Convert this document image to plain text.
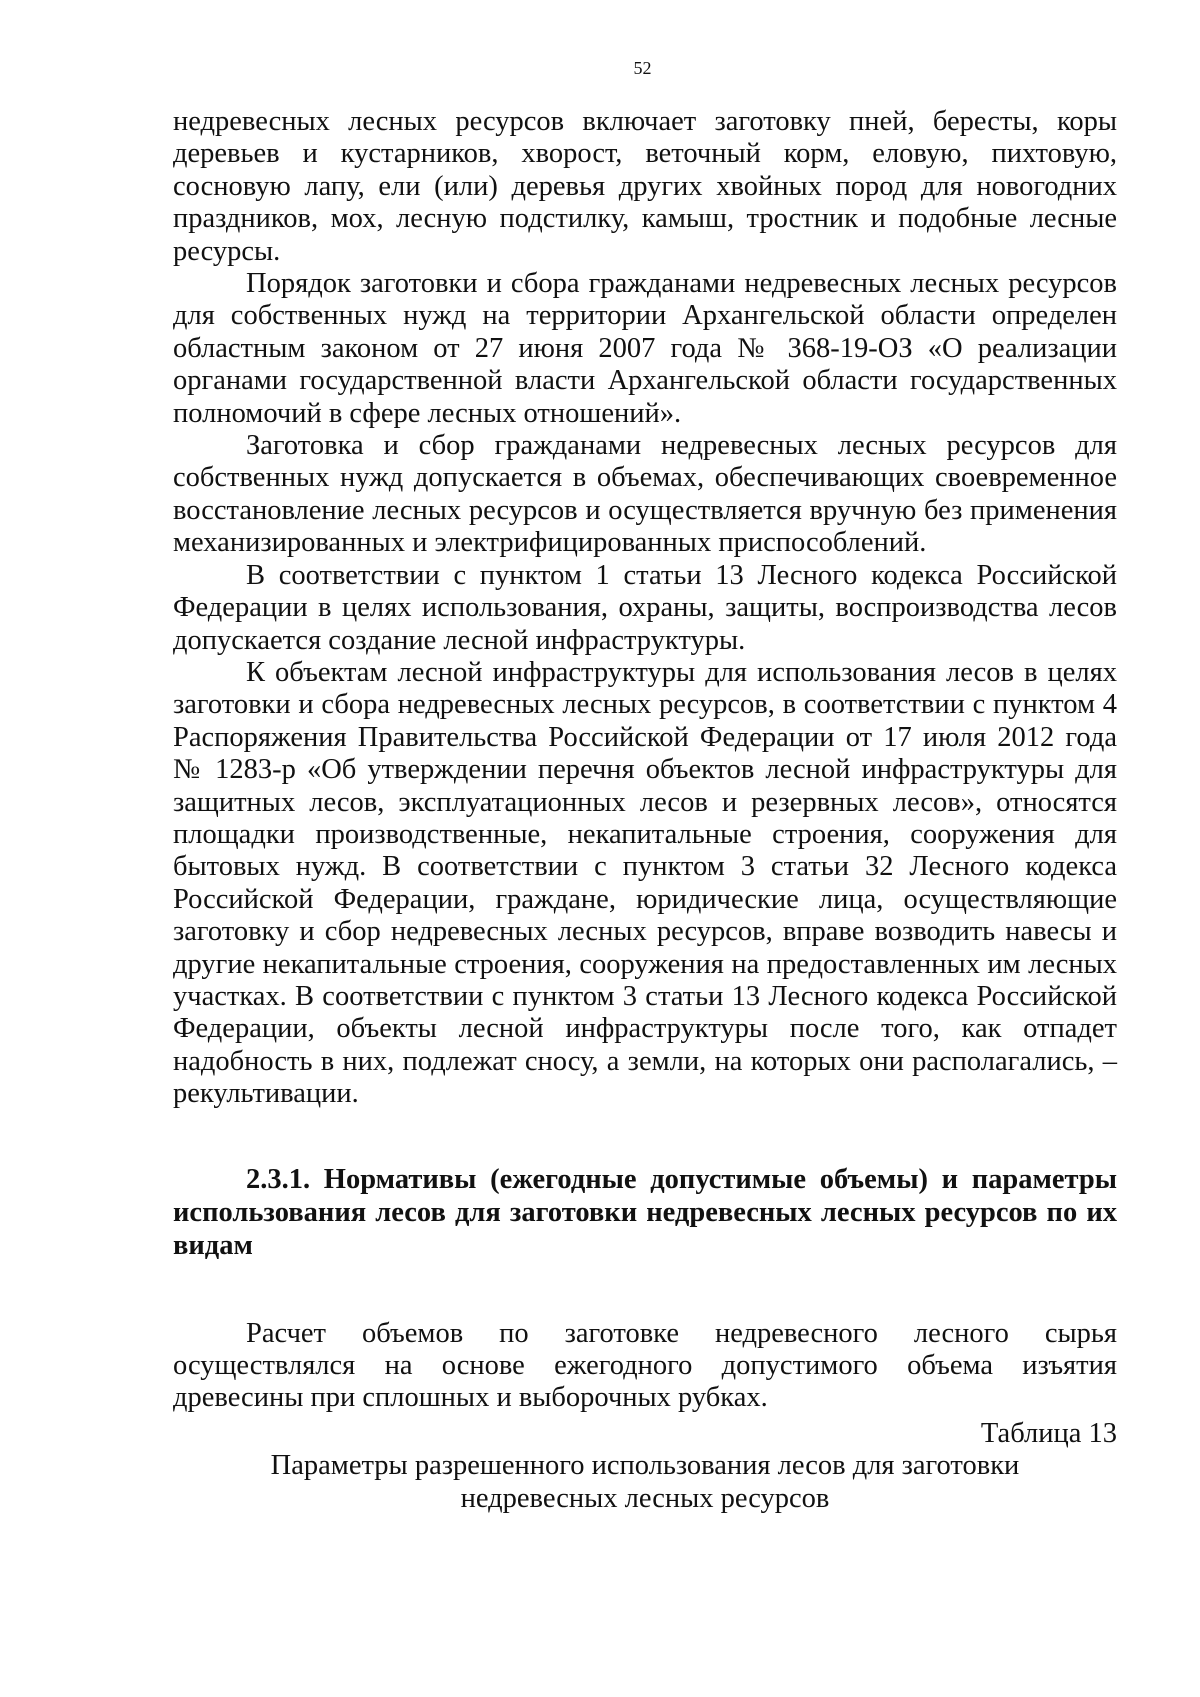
52

недревесных лесных ресурсов включает заготовку пней, бересты, коры деревьев и кустарников, хворост, веточный корм, еловую, пихтовую, сосновую лапу, ели (или) деревья других хвойных пород для новогодних праздников, мох, лесную подстилку, камыш, тростник и подобные лесные ресурсы.

Порядок заготовки и сбора гражданами недревесных лесных ресурсов для собственных нужд на территории Архангельской области определен областным законом от 27 июня 2007 года № 368-19-ОЗ «О реализации органами государственной власти Архангельской области государственных полномочий в сфере лесных отношений».

Заготовка и сбор гражданами недревесных лесных ресурсов для собственных нужд допускается в объемах, обеспечивающих своевременное восстановление лесных ресурсов и осуществляется вручную без применения механизированных и электрифицированных приспособлений.

В соответствии с пунктом 1 статьи 13 Лесного кодекса Российской Федерации в целях использования, охраны, защиты, воспроизводства лесов допускается создание лесной инфраструктуры.

К объектам лесной инфраструктуры для использования лесов в целях заготовки и сбора недревесных лесных ресурсов, в соответствии с пунктом 4 Распоряжения Правительства Российской Федерации от 17 июля 2012 года № 1283-р «Об утверждении перечня объектов лесной инфраструктуры для защитных лесов, эксплуатационных лесов и резервных лесов», относятся площадки производственные, некапитальные строения, сооружения для бытовых нужд. В соответствии с пунктом 3 статьи 32 Лесного кодекса Российской Федерации, граждане, юридические лица, осуществляющие заготовку и сбор недревесных лесных ресурсов, вправе возводить навесы и другие некапитальные строения, сооружения на предоставленных им лесных участках. В соответствии с пунктом 3 статьи 13 Лесного кодекса Российской Федерации, объекты лесной инфраструктуры после того, как отпадет надобность в них, подлежат сносу, а земли, на которых они располагались, – рекультивации.

2.3.1. Нормативы (ежегодные допустимые объемы) и параметры использования лесов для заготовки недревесных лесных ресурсов по их видам

Расчет объемов по заготовке недревесного лесного сырья осуществлялся на основе ежегодного допустимого объема изъятия древесины при сплошных и выборочных рубках.

Таблица 13

Параметры разрешенного использования лесов для заготовки

недревесных лесных ресурсов
